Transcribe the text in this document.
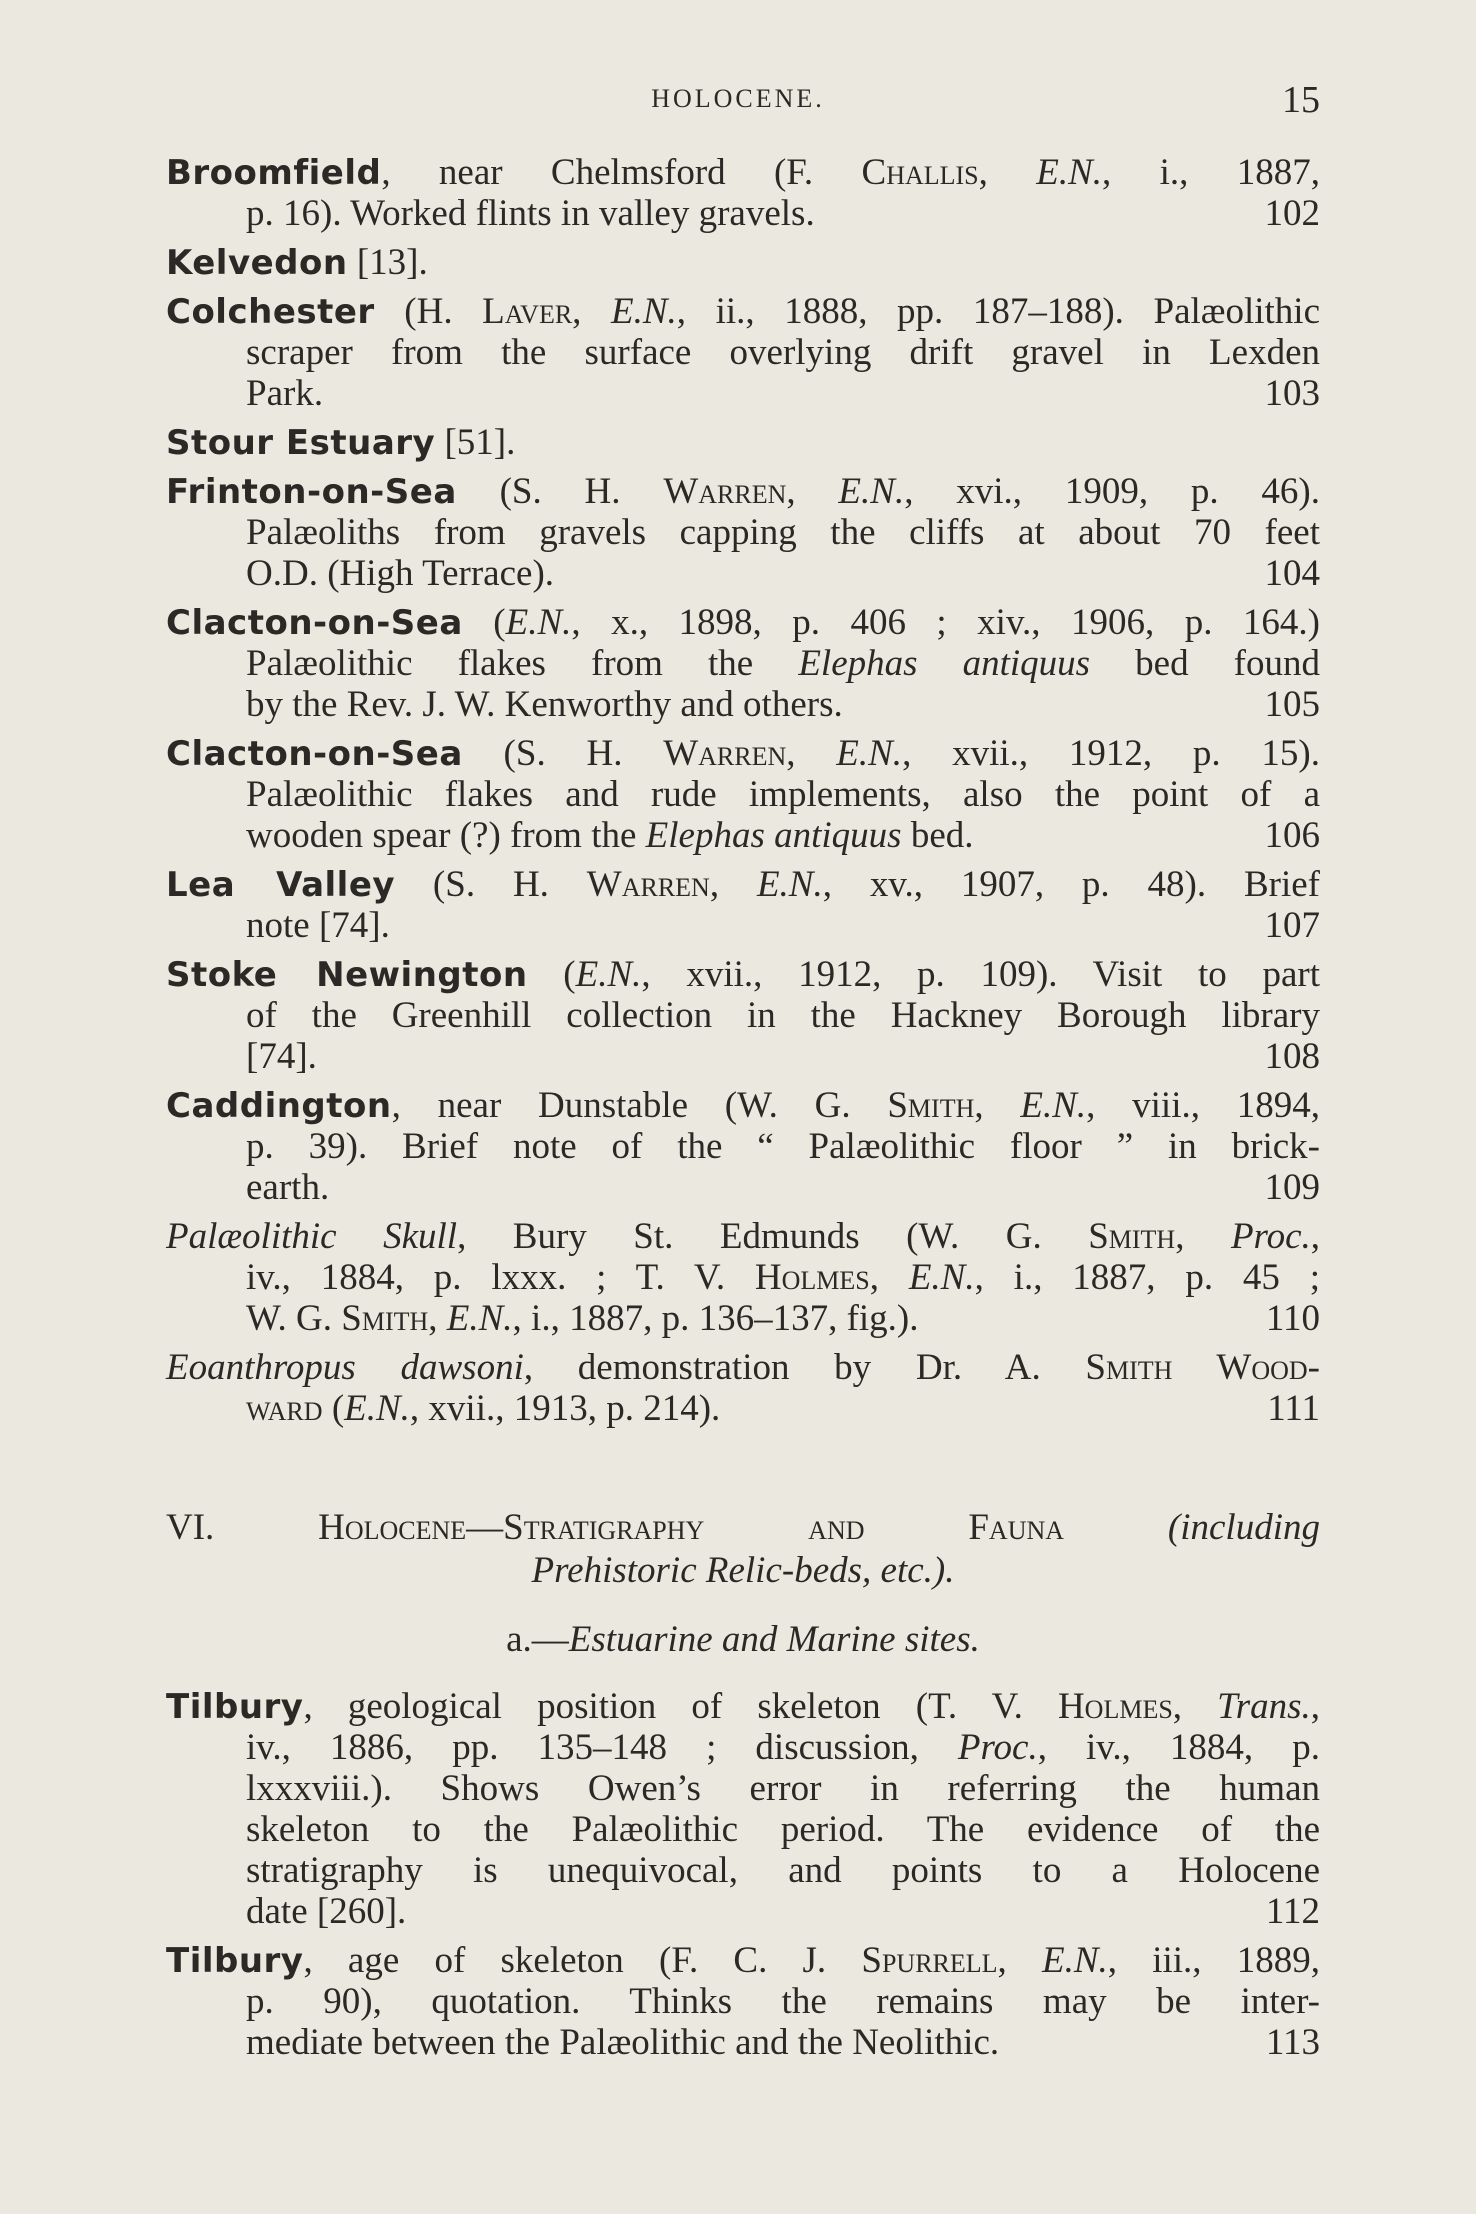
HOLOCENE.	15
Broomfield, near Chelmsford (F. Challis, E.N., i., 1887,
p. 16). Worked flints in valley gravels.	102
Kelvedon [13].
Colchester (H. Laver, E.N., ii., 1888, pp. 187–188). Palæolithic
scraper from the surface overlying drift gravel in Lexden
Park.	103
Stour Estuary [51].
Frinton-on-Sea (S. H. Warren, E.N., xvi., 1909, p. 46).
Palæoliths from gravels capping the cliffs at about 70 feet
O.D. (High Terrace).	104
Clacton-on-Sea (E.N., x., 1898, p. 406 ; xiv., 1906, p. 164.)
Palæolithic flakes from the Elephas antiquus bed found
by the Rev. J. W. Kenworthy and others.	105
Clacton-on-Sea (S. H. Warren, E.N., xvii., 1912, p. 15).
Palæolithic flakes and rude implements, also the point of a
wooden spear (?) from the Elephas antiquus bed.	106
Lea Valley (S. H. Warren, E.N., xv., 1907, p. 48). Brief
note [74].	107
Stoke Newington (E.N., xvii., 1912, p. 109). Visit to part
of the Greenhill collection in the Hackney Borough library
[74].	108
Caddington, near Dunstable (W. G. Smith, E.N., viii., 1894,
p. 39). Brief note of the “ Palæolithic floor ” in brick-
earth.	109
Palæolithic Skull, Bury St. Edmunds (W. G. Smith, Proc.,
iv., 1884, p. lxxx. ; T. V. Holmes, E.N., i., 1887, p. 45 ;
W. G. Smith, E.N., i., 1887, p. 136–137, fig.).	110
Eoanthropus dawsoni, demonstration by Dr. A. Smith Wood-
ward (E.N., xvii., 1913, p. 214).	111
VI.	Holocene—Stratigraphy	and	Fauna	(including
Prehistoric Relic-beds, etc.).
a.—Estuarine and Marine sites.
Tilbury, geological position of skeleton (T. V. Holmes, Trans.,
iv., 1886, pp. 135–148 ; discussion, Proc., iv., 1884, p.
lxxxviii.). Shows Owen’s error in referring the human
skeleton to the Palæolithic period. The evidence of the
stratigraphy is unequivocal, and points to a Holocene
date [260].	112
Tilbury, age of skeleton (F. C. J. Spurrell, E.N., iii., 1889,
p. 90), quotation. Thinks the remains may be inter-
mediate between the Palæolithic and the Neolithic.	113
